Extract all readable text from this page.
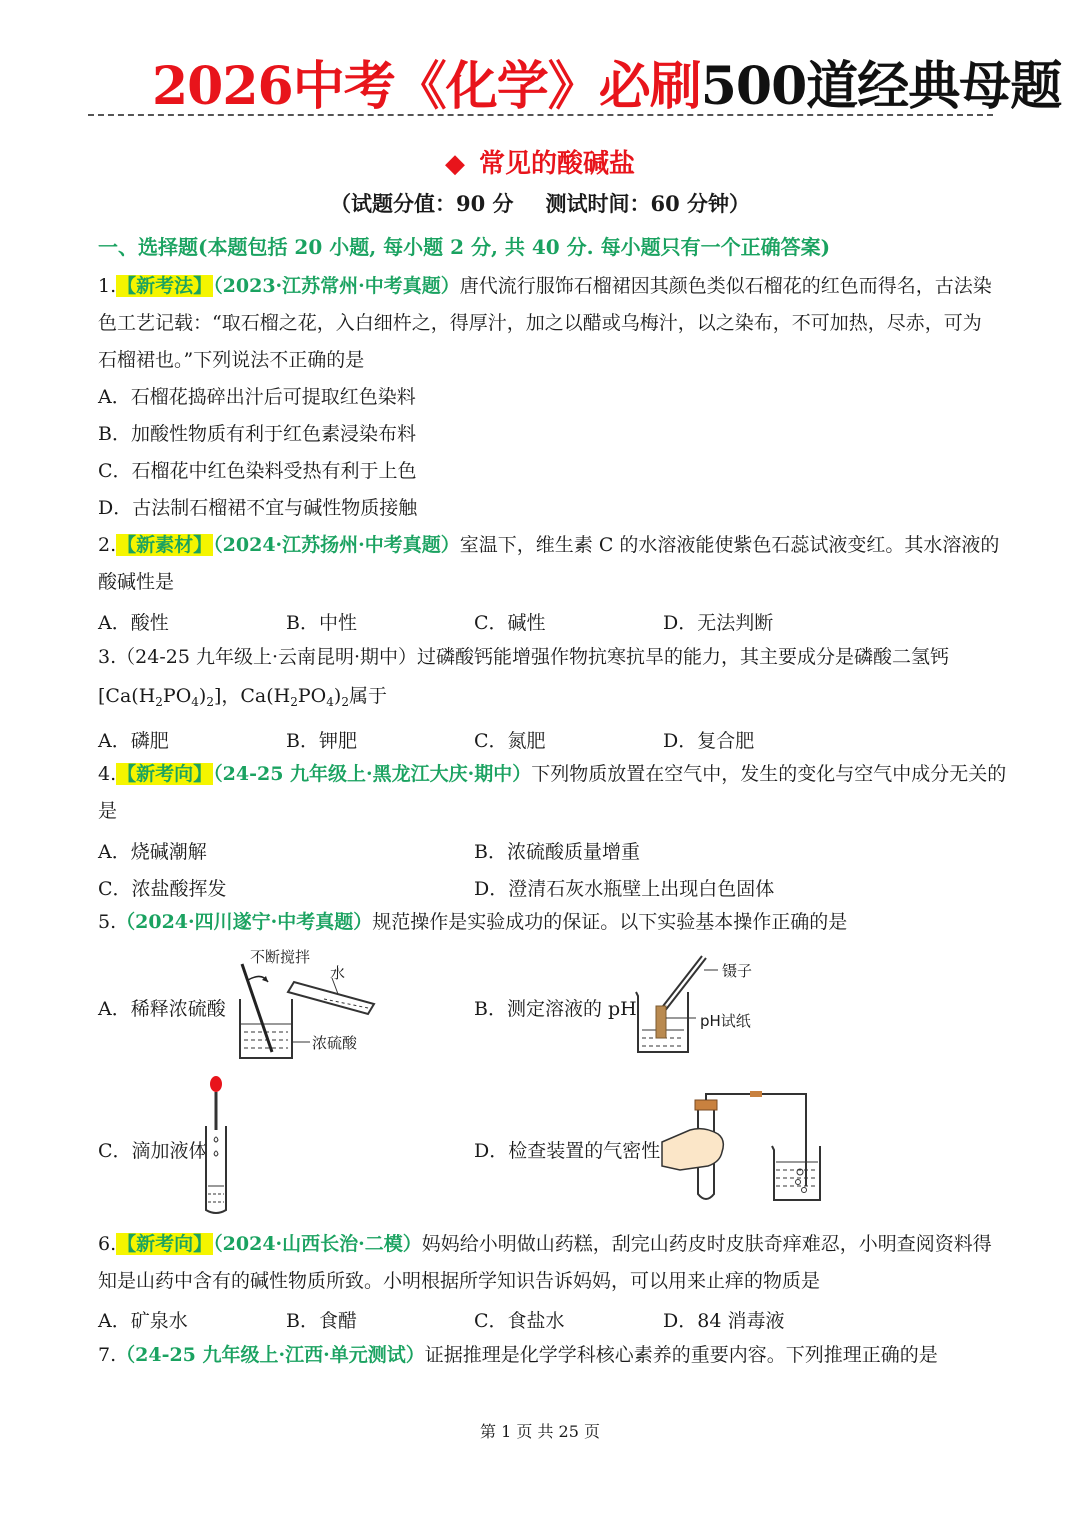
2026中考《化学》必刷500道经典母题
◆ 常见的酸碱盐
（试题分值：90 分 测试时间：60 分钟）
一、选择题(本题包括 20 小题, 每小题 2 分, 共 40 分. 每小题只有一个正确答案)
1.【新考法】（2023·江苏常州·中考真题）唐代流行服饰石榴裙因其颜色类似石榴花的红色而得名，古法染
色工艺记载：“取石榴之花，入白细杵之，得厚汁，加之以醋或乌梅汁，以之染布，不可加热，尽赤，可为
石榴裙也。”下列说法不正确的是
A．石榴花捣碎出汁后可提取红色染料
B．加酸性物质有利于红色素浸染布料
C．石榴花中红色染料受热有利于上色
D．古法制石榴裙不宜与碱性物质接触
2.【新素材】（2024·江苏扬州·中考真题）室温下，维生素 C 的水溶液能使紫色石蕊试液变红。其水溶液的
酸碱性是
A．酸性	B．中性	C．碱性	D．无法判断
3.（24-25 九年级上·云南昆明·期中）过磷酸钙能增强作物抗寒抗旱的能力，其主要成分是磷酸二氢钙
$[Ca(H_2PO_4)_2]$，$Ca(H_2PO_4)_2$属于
A．磷肥	B．钾肥	C．氮肥	D．复合肥
4.【新考向】（24-25 九年级上·黑龙江大庆·期中）下列物质放置在空气中，发生的变化与空气中成分无关的
是
A．烧碱潮解	B．浓硫酸质量增重
C．浓盐酸挥发	D．澄清石灰水瓶壁上出现白色固体
5.（2024·四川遂宁·中考真题）规范操作是实验成功的保证。以下实验基本操作正确的是
A．稀释浓硫酸	B．测定溶液的 pH
C．滴加液体	D．检查装置的气密性
不断搅拌
水
浓硫酸
镊子
pH试纸
6.【新考向】（2024·山西长治·二模）妈妈给小明做山药糕，刮完山药皮时皮肤奇痒难忍，小明查阅资料得
知是山药中含有的碱性物质所致。小明根据所学知识告诉妈妈，可以用来止痒的物质是
A．矿泉水	B．食醋	C．食盐水	D．84 消毒液
7.（24-25 九年级上·江西·单元测试）证据推理是化学学科核心素养的重要内容。下列推理正确的是
第 1 页 共 25 页
